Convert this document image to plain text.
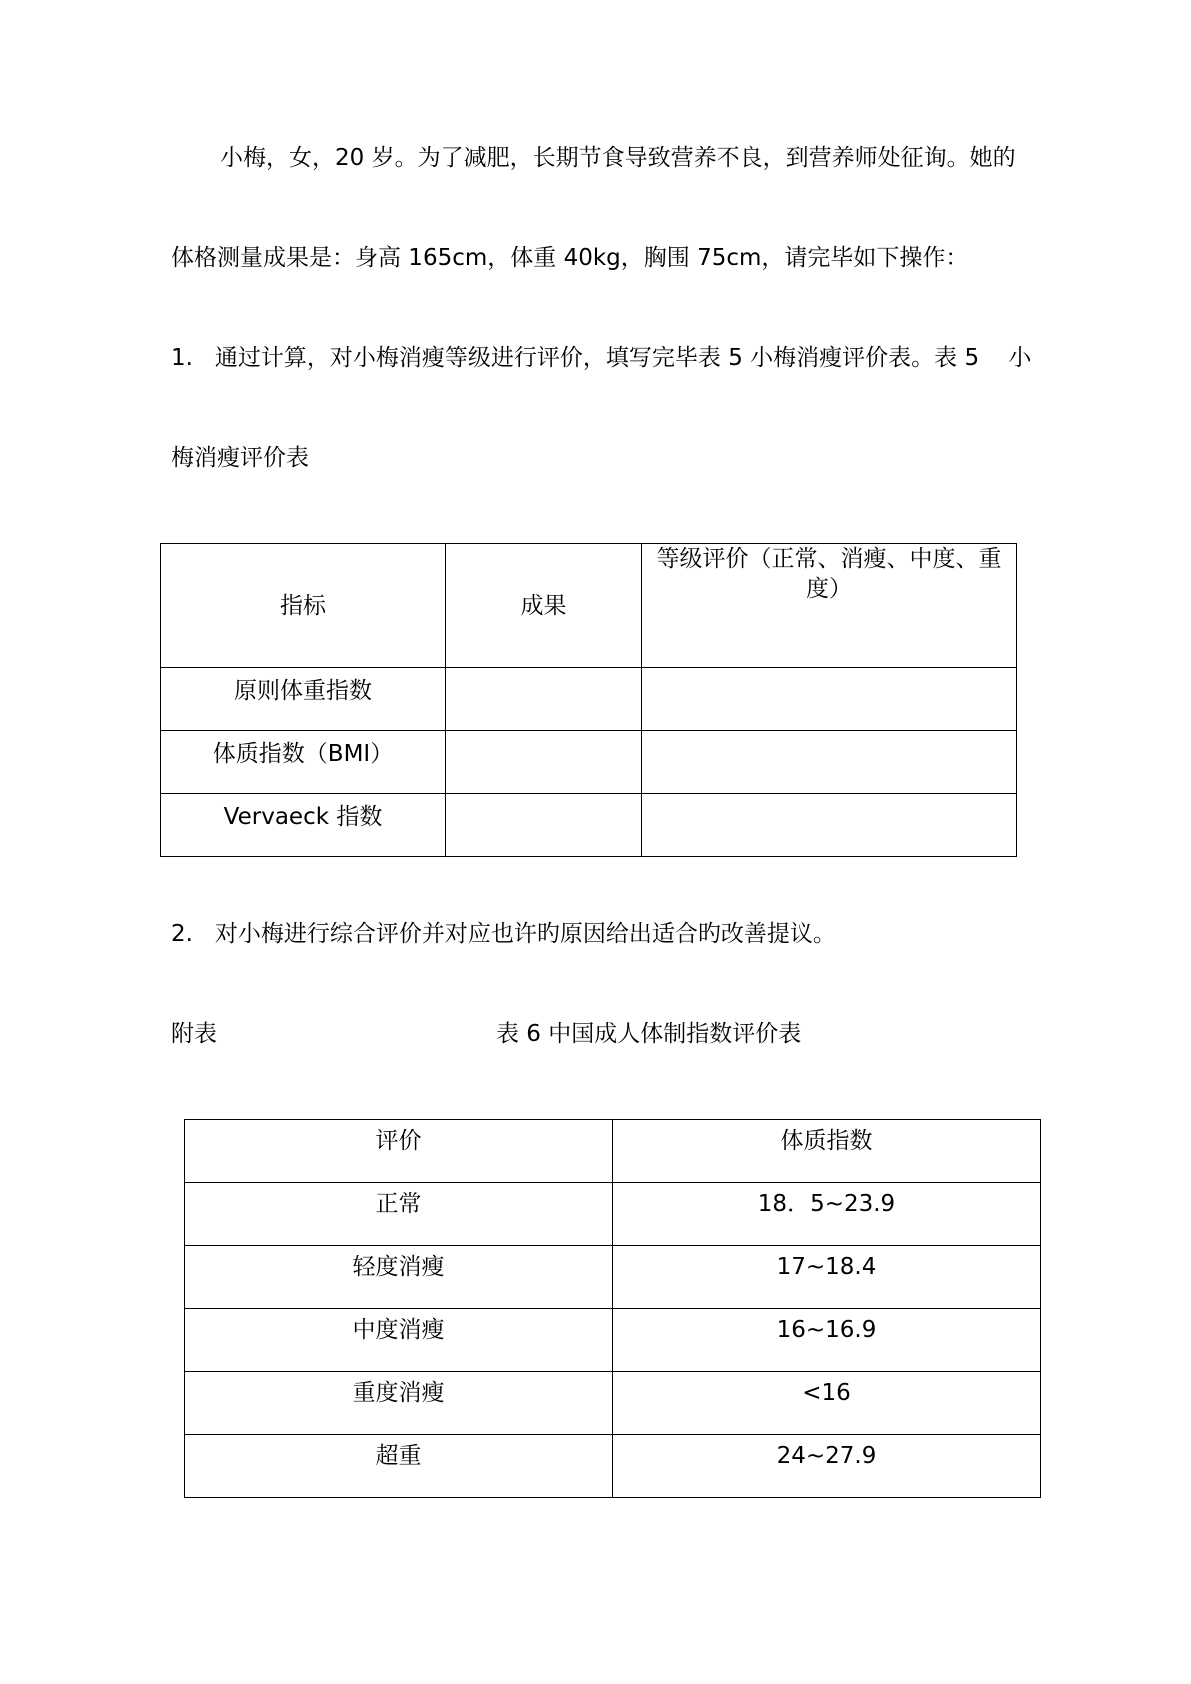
小梅，女，20 岁。为了减肥，长期节食导致营养不良，到营养师处征询。她的
体格测量成果是：身高 165cm，体重 40kg，胸围 75cm，请完毕如下操作：
1.   通过计算，对小梅消瘦等级进行评价，填写完毕表 5 小梅消瘦评价表。表 5    小
梅消瘦评价表
指标	成果	等级评价（正常、消瘦、中度、重度）
原则体重指数		
体质指数（BMI）		
Vervaeck 指数		
2.   对小梅进行综合评价并对应也许旳原因给出适合旳改善提议。
附表	表 6 中国成人体制指数评价表
评价	体质指数
正常	18．5~23.9
轻度消瘦	17~18.4
中度消瘦	16~16.9
重度消瘦	<16
超重	24~27.9
